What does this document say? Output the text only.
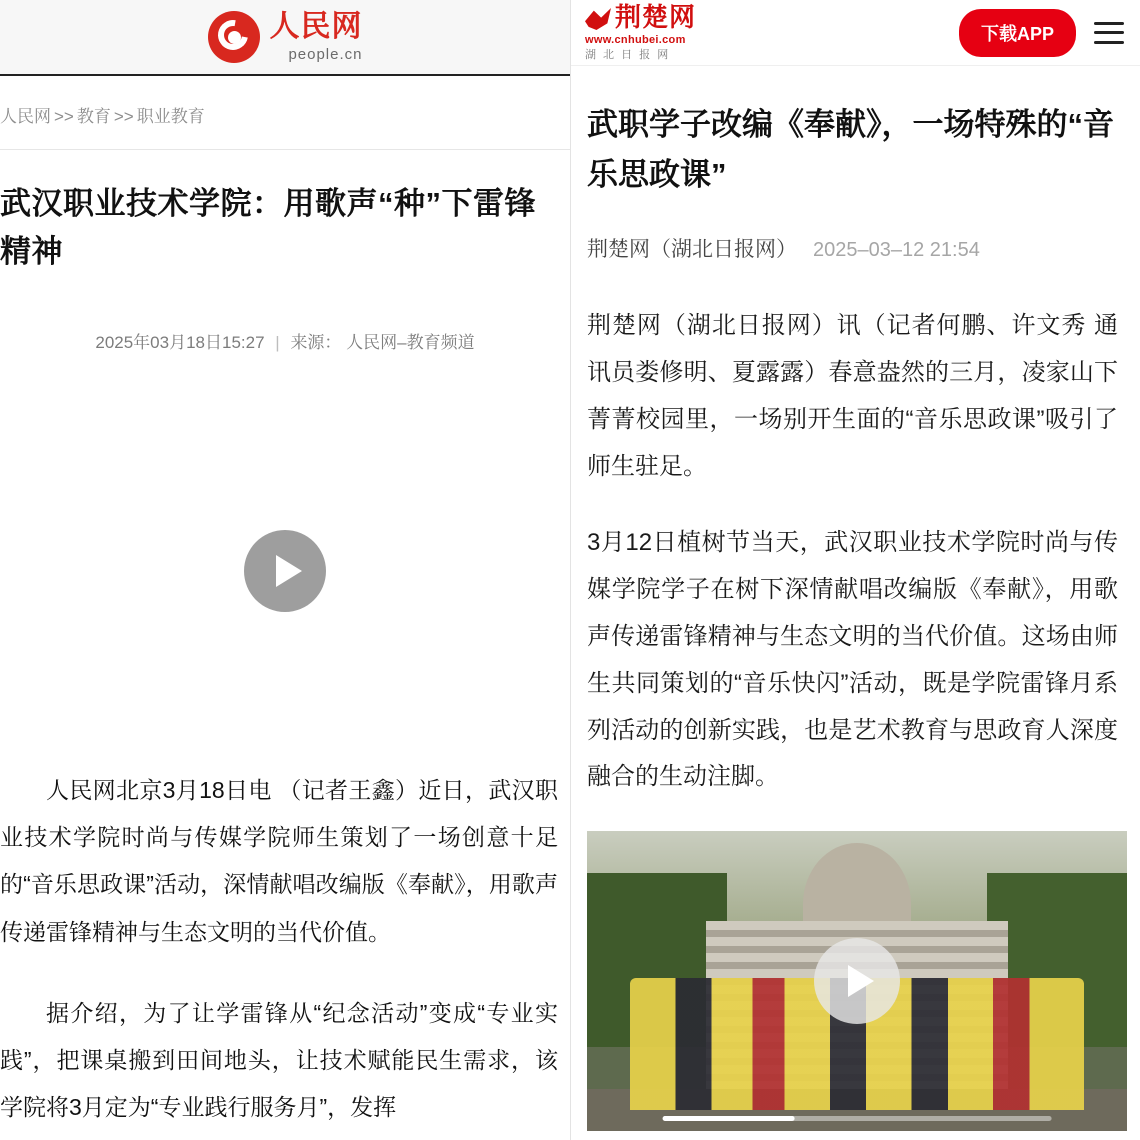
人民网
people.cn
人民网 >> 教育 >> 职业教育
武汉职业技术学院：用歌声“种”下雷锋精神
2025年03月18日15:27 | 来源： 人民网–教育频道

人民网北京3月18日电 （记者王鑫）近日，武汉职业技术学院时尚与传媒学院师生策划了一场创意十足的“音乐思政课”活动，深情献唱改编版《奉献》，用歌声传递雷锋精神与生态文明的当代价值。

据介绍，为了让学雷锋从“纪念活动”变成“专业实践”，把课桌搬到田间地头，让技术赋能民生需求，该学院将3月定为“专业践行服务月”，发挥

荆楚网
www.cnhubei.com
湖 北 日 报 网
下载APP
武职学子改编《奉献》，一场特殊的“音乐思政课”
荆楚网（湖北日报网） 2025–03–12 21:54

荆楚网（湖北日报网）讯（记者何鹏、许文秀 通讯员娄修明、夏露露）春意盎然的三月，凌家山下菁菁校园里，一场别开生面的“音乐思政课”吸引了师生驻足。

3月12日植树节当天，武汉职业技术学院时尚与传媒学院学子在树下深情献唱改编版《奉献》，用歌声传递雷锋精神与生态文明的当代价值。这场由师生共同策划的“音乐快闪”活动，既是学院雷锋月系列活动的创新实践，也是艺术教育与思政育人深度融合的生动注脚。
